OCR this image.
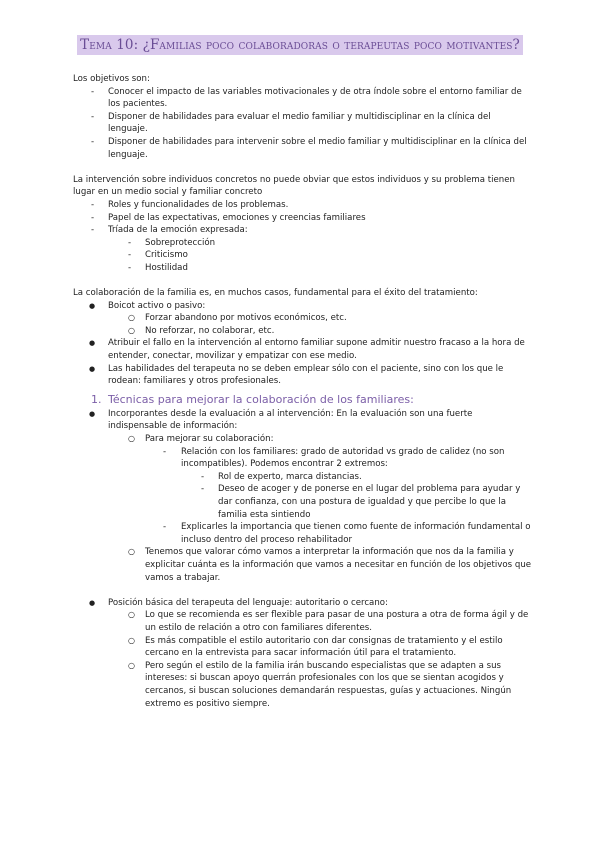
Tema 10: ¿Familias poco colaboradoras o terapeutas poco motivantes?

Los objetivos son:

- Conocer el impacto de las variables motivacionales y de otra índole sobre el entorno familiar de los pacientes.
- Disponer de habilidades para evaluar el medio familiar y multidisciplinar en la clínica del lenguaje.
- Disponer de habilidades para intervenir sobre el medio familiar y multidisciplinar en la clínica del lenguaje.

La intervención sobre individuos concretos no puede obviar que estos individuos y su problema tienen lugar en un medio social y familiar concreto

- Roles y funcionalidades de los problemas.
- Papel de las expectativas, emociones y creencias familiares
- Tríada de la emoción expresada:
- Sobreprotección
- Criticismo
- Hostilidad

La colaboración de la familia es, en muchos casos, fundamental para el éxito del tratamiento:

● Boicot activo o pasivo:
○ Forzar abandono por motivos económicos, etc.
○ No reforzar, no colaborar, etc.
● Atribuir el fallo en la intervención al entorno familiar supone admitir nuestro fracaso a la hora de entender, conectar, movilizar y empatizar con ese medio.
● Las habilidades del terapeuta no se deben emplear sólo con el paciente, sino con los que le rodean: familiares y otros profesionales.
1. Técnicas para mejorar la colaboración de los familiares:
● Incorporantes desde la evaluación a al intervención: En la evaluación son una fuerte indispensable de información:
○ Para mejorar su colaboración:
- Relación con los familiares: grado de autoridad vs grado de calidez (no son incompatibles). Podemos encontrar 2 extremos:
- Rol de experto, marca distancias.
- Deseo de acoger y de ponerse en el lugar del problema para ayudar y dar confianza, con una postura de igualdad y que percibe lo que la familia esta sintiendo
- Explicarles la importancia que tienen como fuente de información fundamental o incluso dentro del proceso rehabilitador
○ Tenemos que valorar cómo vamos a interpretar la información que nos da la familia y explicitar cuánta es la información que vamos a necesitar en función de los objetivos que vamos a trabajar.
● Posición básica del terapeuta del lenguaje: autoritario o cercano:
○ Lo que se recomienda es ser flexible para pasar de una postura a otra de forma ágil y de un estilo de relación a otro con familiares diferentes.
○ Es más compatible el estilo autoritario con dar consignas de tratamiento y el estilo cercano en la entrevista para sacar información útil para el tratamiento.
○ Pero según el estilo de la familia irán buscando especialistas que se adapten a sus intereses: si buscan apoyo querrán profesionales con los que se sientan acogidos y cercanos, si buscan soluciones demandarán respuestas, guías y actuaciones. Ningún extremo es positivo siempre.
